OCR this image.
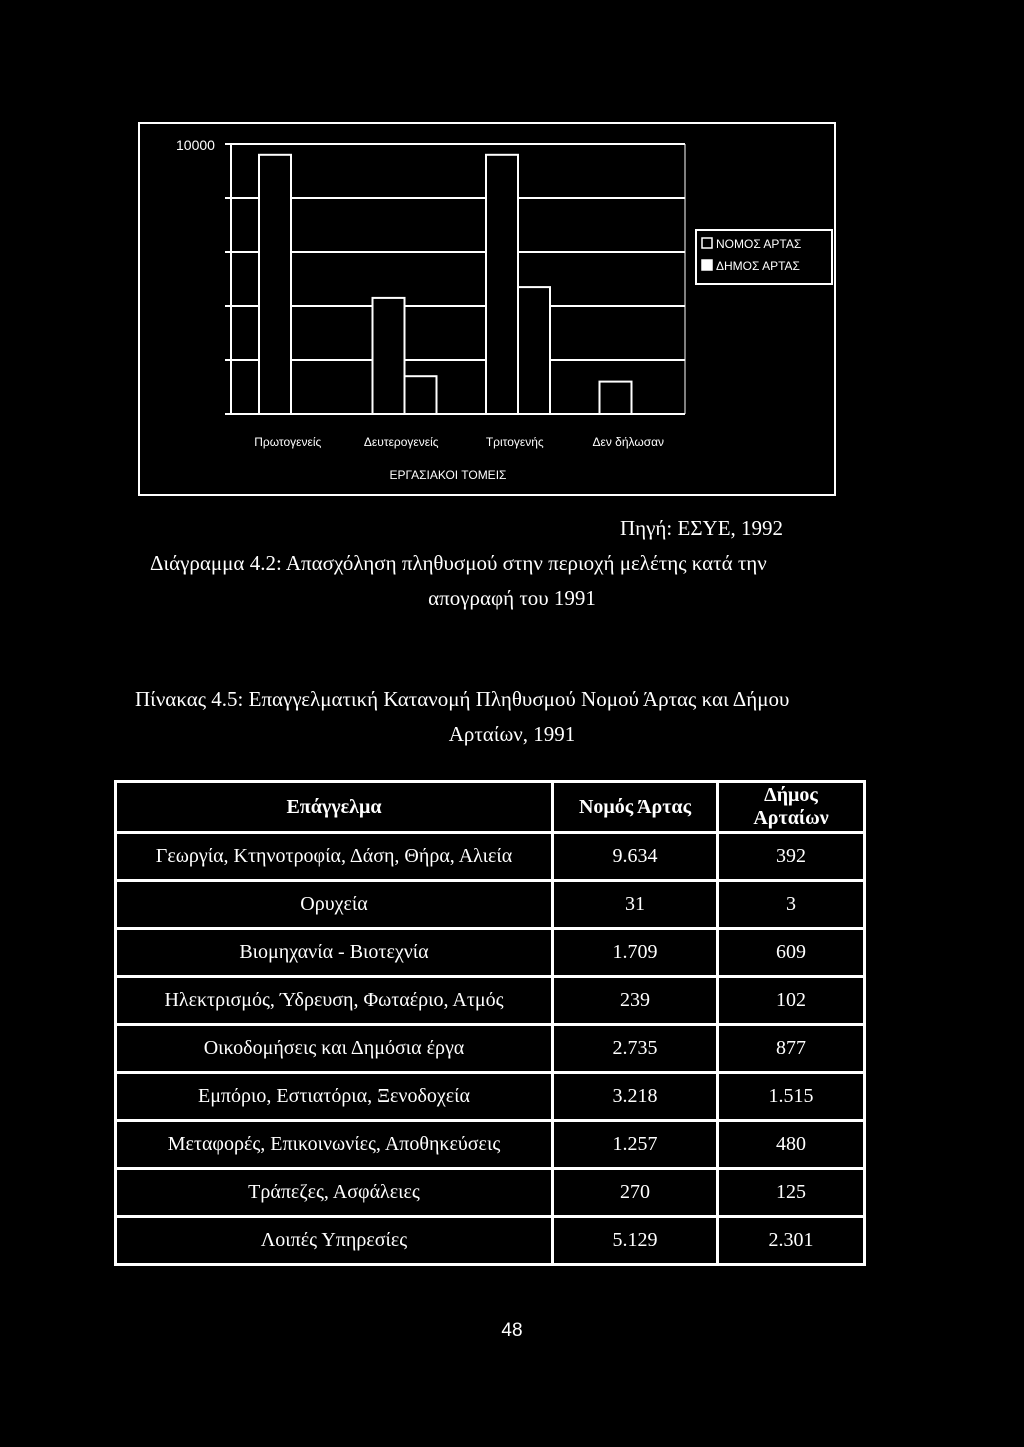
10000
Πρωτογενείς	Δευτερογενείς	Τριτογενής	Δεν δήλωσαν
ΕΡΓΑΣΙΑΚΟΙ ΤΟΜΕΙΣ
ΝΟΜΟΣ ΑΡΤΑΣ
ΔΗΜΟΣ ΑΡΤΑΣ
Πηγή: ΕΣΥΕ, 1992
Διάγραμμα 4.2: Απασχόληση πληθυσμού στην περιοχή μελέτης κατά την
απογραφή του 1991
Πίνακας 4.5: Επαγγελματική Κατανομή Πληθυσμού Νομού Άρτας και Δήμου
Αρταίων, 1991
Επάγγελμα	Νομός Άρτας	Δήμος Αρταίων
Γεωργία, Κτηνοτροφία, Δάση, Θήρα, Αλιεία	9.634	392
Ορυχεία	31	3
Βιομηχανία - Βιοτεχνία	1.709	609
Ηλεκτρισμός, Ύδρευση, Φωταέριο, Ατμός	239	102
Οικοδομήσεις και Δημόσια έργα	2.735	877
Εμπόριο, Εστιατόρια, Ξενοδοχεία	3.218	1.515
Μεταφορές, Επικοινωνίες, Αποθηκεύσεις	1.257	480
Τράπεζες, Ασφάλειες	270	125
Λοιπές Υπηρεσίες	5.129	2.301
48
